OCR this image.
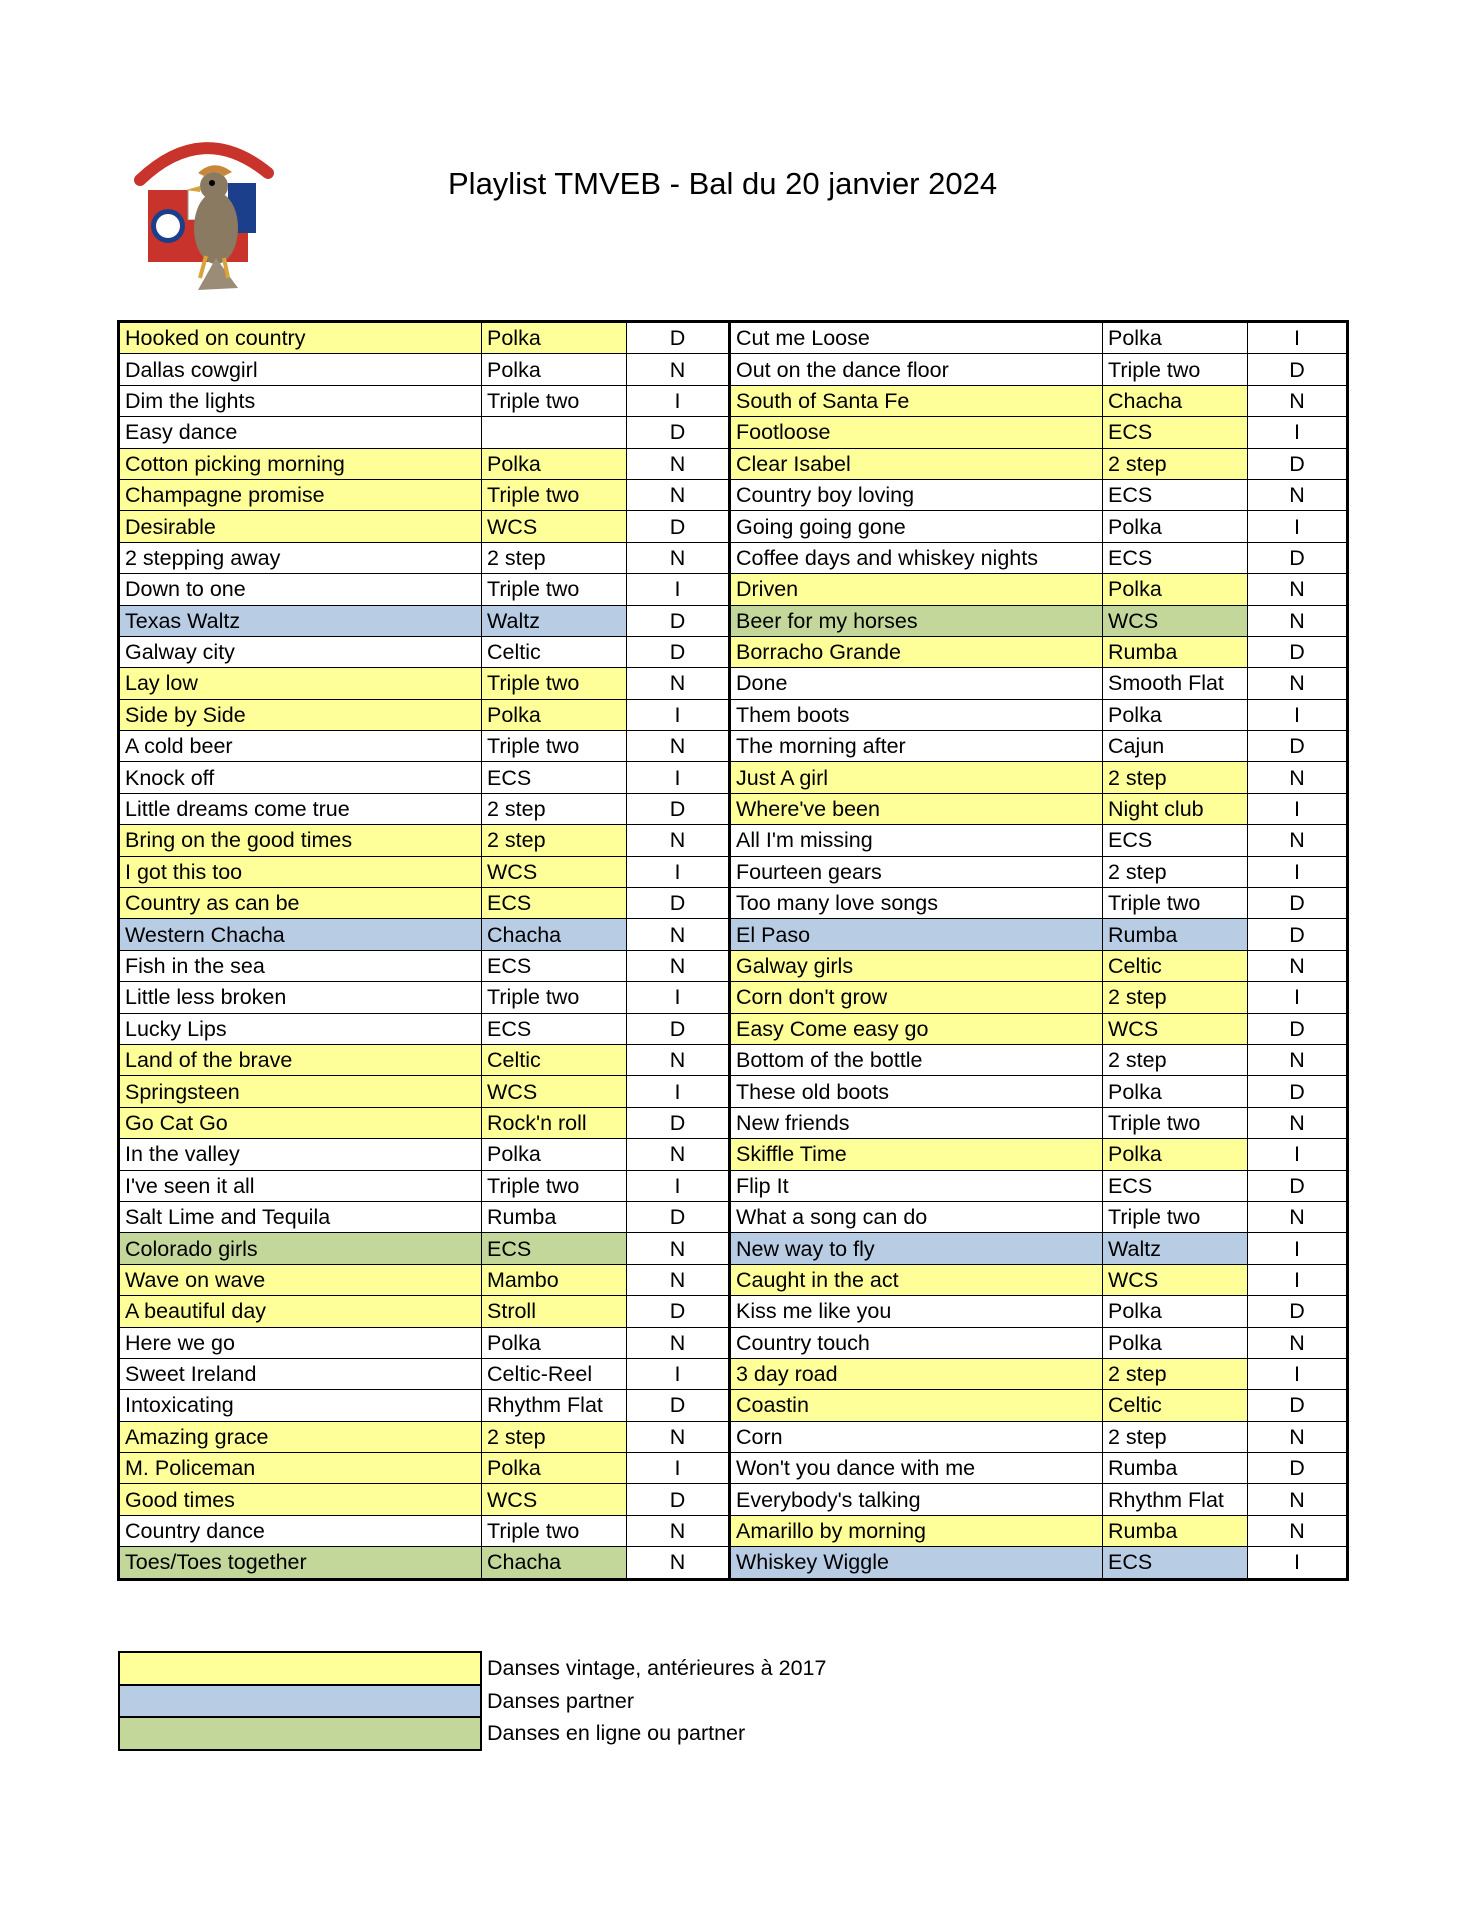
Playlist TMVEB - Bal du 20 janvier 2024
Hooked on country	Polka	D	Cut me Loose	Polka	I
Dallas cowgirl	Polka	N	Out on the dance floor	Triple two	D
Dim the lights	Triple two	I	South of Santa Fe	Chacha	N
Easy dance		D	Footloose	ECS	I
Cotton picking morning	Polka	N	Clear Isabel	2 step	D
Champagne promise	Triple two	N	Country boy loving	ECS	N
Desirable	WCS	D	Going going gone	Polka	I
2 stepping away	2 step	N	Coffee days and whiskey nights	ECS	D
Down to one	Triple two	I	Driven	Polka	N
Texas Waltz	Waltz	D	Beer for my horses	WCS	N
Galway city	Celtic	D	Borracho Grande	Rumba	D
Lay low	Triple two	N	Done	Smooth Flat	N
Side by Side	Polka	I	Them boots	Polka	I
A cold beer	Triple two	N	The morning after	Cajun	D
Knock off	ECS	I	Just A girl	2 step	N
Little dreams come true	2 step	D	Where've been	Night club	I
Bring on the good times	2 step	N	All I'm missing	ECS	N
I got this too	WCS	I	Fourteen gears	2 step	I
Country as can be	ECS	D	Too many love songs	Triple two	D
Western Chacha	Chacha	N	El Paso	Rumba	D
Fish in the sea	ECS	N	Galway girls	Celtic	N
Little less broken	Triple two	I	Corn don't grow	2 step	I
Lucky Lips	ECS	D	Easy Come easy go	WCS	D
Land of the brave	Celtic	N	Bottom of the bottle	2 step	N
Springsteen	WCS	I	These old boots	Polka	D
Go Cat Go	Rock'n roll	D	New friends	Triple two	N
In the valley	Polka	N	Skiffle Time	Polka	I
I've seen it all	Triple two	I	Flip It	ECS	D
Salt Lime and Tequila	Rumba	D	What a song can do	Triple two	N
Colorado girls	ECS	N	New way to fly	Waltz	I
Wave on wave	Mambo	N	Caught in the act	WCS	I
A beautiful day	Stroll	D	Kiss me like you	Polka	D
Here we go	Polka	N	Country touch	Polka	N
Sweet Ireland	Celtic-Reel	I	3 day road	2 step	I
Intoxicating	Rhythm Flat	D	Coastin	Celtic	D
Amazing grace	2 step	N	Corn	2 step	N
M. Policeman	Polka	I	Won't you dance with me	Rumba	D
Good times	WCS	D	Everybody's talking	Rhythm Flat	N
Country dance	Triple two	N	Amarillo by morning	Rumba	N
Toes/Toes together	Chacha	N	Whiskey Wiggle	ECS	I
	Danses vintage, antérieures à 2017
	Danses partner
	Danses en ligne ou partner
